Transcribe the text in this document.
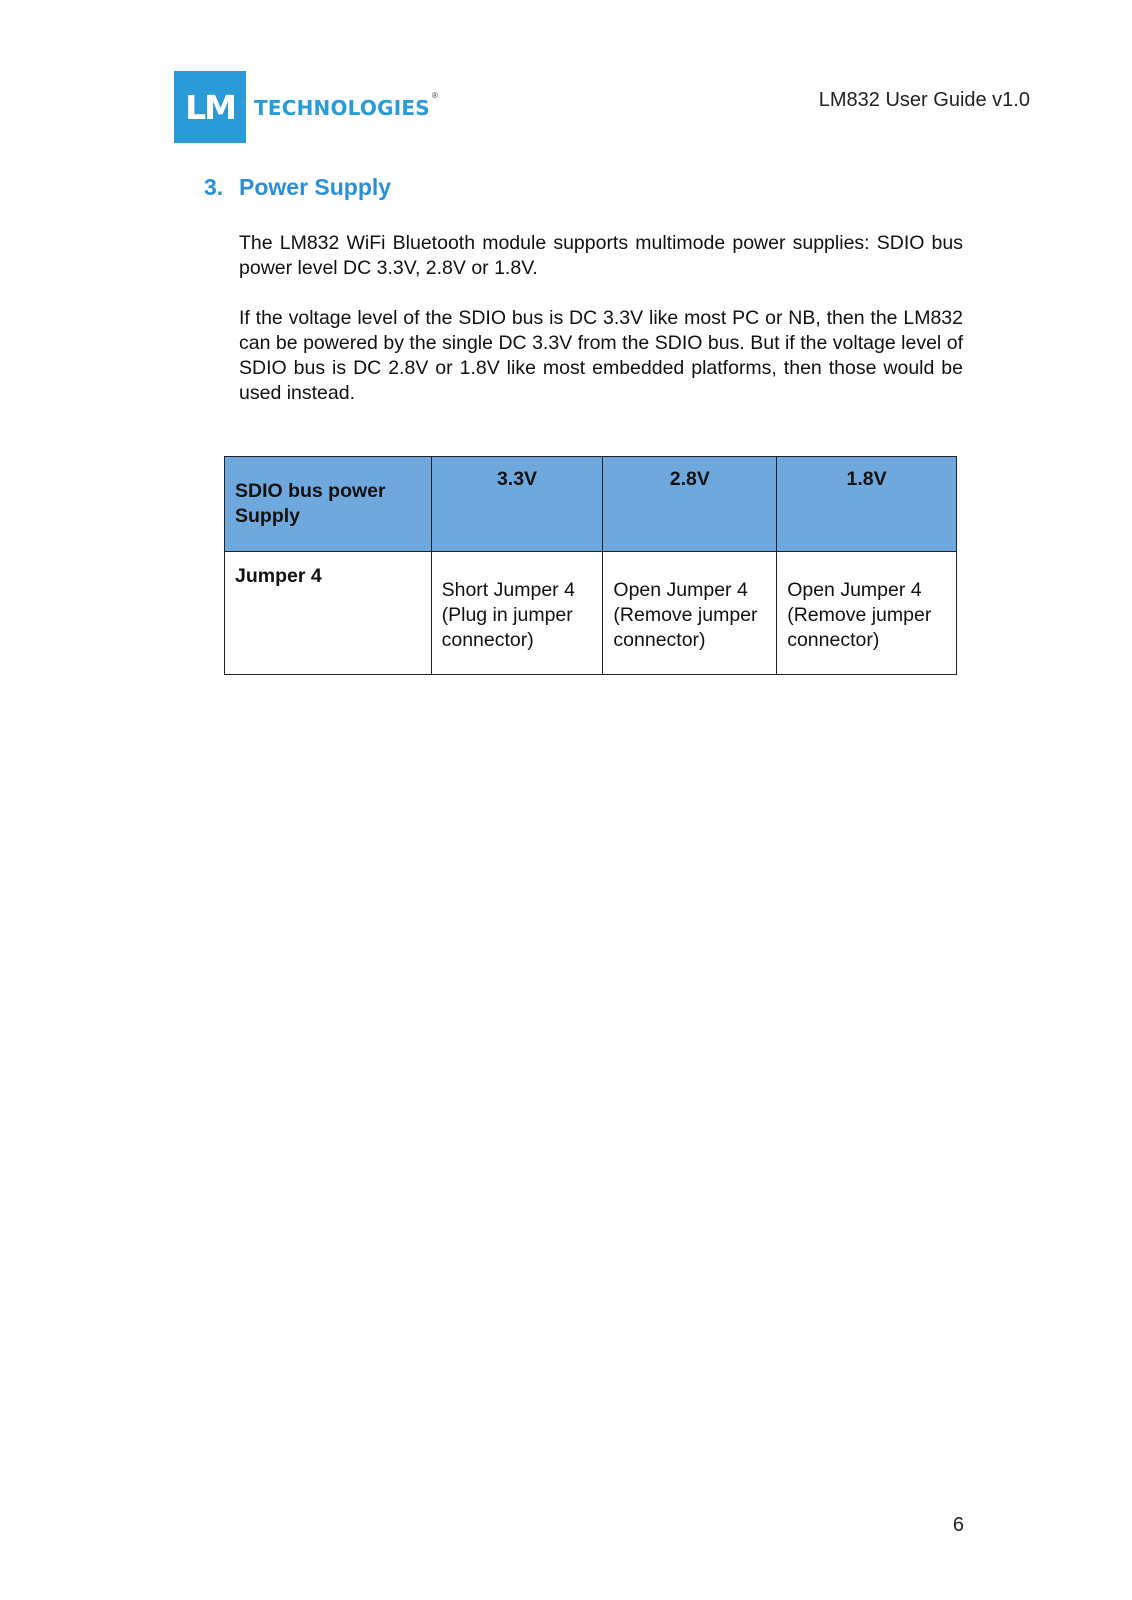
LM TECHNOLOGIES
®	LM832 User Guide v1.0
3. Power Supply

The LM832 WiFi Bluetooth module supports multimode power supplies: SDIO bus power level DC 3.3V, 2.8V or 1.8V.

If the voltage level of the SDIO bus is DC 3.3V like most PC or NB, then the LM832 can be powered by the single DC 3.3V from the SDIO bus. But if the voltage level of SDIO bus is DC 2.8V or 1.8V like most embedded platforms, then those would be used instead.

SDIO bus power Supply	3.3V	2.8V	1.8V
Jumper 4	Short Jumper 4 (Plug in jumper connector)	Open Jumper 4 (Remove jumper connector)	Open Jumper 4 (Remove jumper connector)
6
